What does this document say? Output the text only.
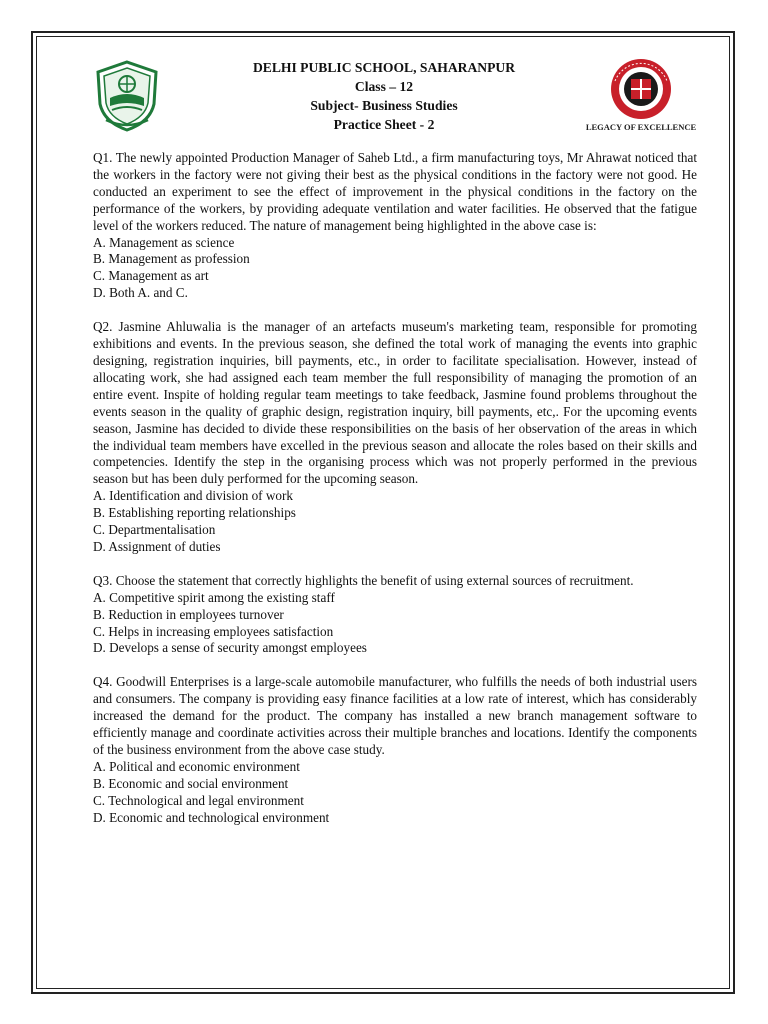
DELHI PUBLIC SCHOOL, SAHARANPUR
Class – 12
Subject- Business Studies
Practice Sheet - 2	LEGACY OF EXCELLENCE

Q1. The newly appointed Production Manager of Saheb Ltd., a firm manufacturing toys, Mr Ahrawat noticed that the workers in the factory were not giving their best as the physical conditions in the factory were not good. He conducted an experiment to see the effect of improvement in the physical conditions in the factory on the performance of the workers, by providing adequate ventilation and water facilities. He observed that the fatigue level of the workers reduced. The nature of management being highlighted in the above case is:

A. Management as science

B. Management as profession

C. Management as art

D. Both A. and C.

Q2. Jasmine Ahluwalia is the manager of an artefacts museum's marketing team, responsible for promoting exhibitions and events. In the previous season, she defined the total work of managing the events into graphic designing, registration inquiries, bill payments, etc., in order to facilitate specialisation. However, instead of allocating work, she had assigned each team member the full responsibility of managing the promotion of an entire event. Inspite of holding regular team meetings to take feedback, Jasmine found problems throughout the events season in the quality of graphic design, registration inquiry, bill payments, etc,. For the upcoming events season, Jasmine has decided to divide these responsibilities on the basis of her observation of the areas in which the individual team members have excelled in the previous season and allocate the roles based on their skills and competencies. Identify the step in the organising process which was not properly performed in the previous season but has been duly performed for the upcoming season.

A. Identification and division of work

B. Establishing reporting relationships

C. Departmentalisation

D. Assignment of duties

Q3. Choose the statement that correctly highlights the benefit of using external sources of recruitment.

A. Competitive spirit among the existing staff

B. Reduction in employees turnover

C. Helps in increasing employees satisfaction

D. Develops a sense of security amongst employees

Q4. Goodwill Enterprises is a large-scale automobile manufacturer, who fulfills the needs of both industrial users and consumers. The company is providing easy finance facilities at a low rate of interest, which has considerably increased the demand for the product. The company has installed a new branch management software to efficiently manage and coordinate activities across their multiple branches and locations. Identify the components of the business environment from the above case study.

A. Political and economic environment

B. Economic and social environment

C. Technological and legal environment

D. Economic and technological environment
